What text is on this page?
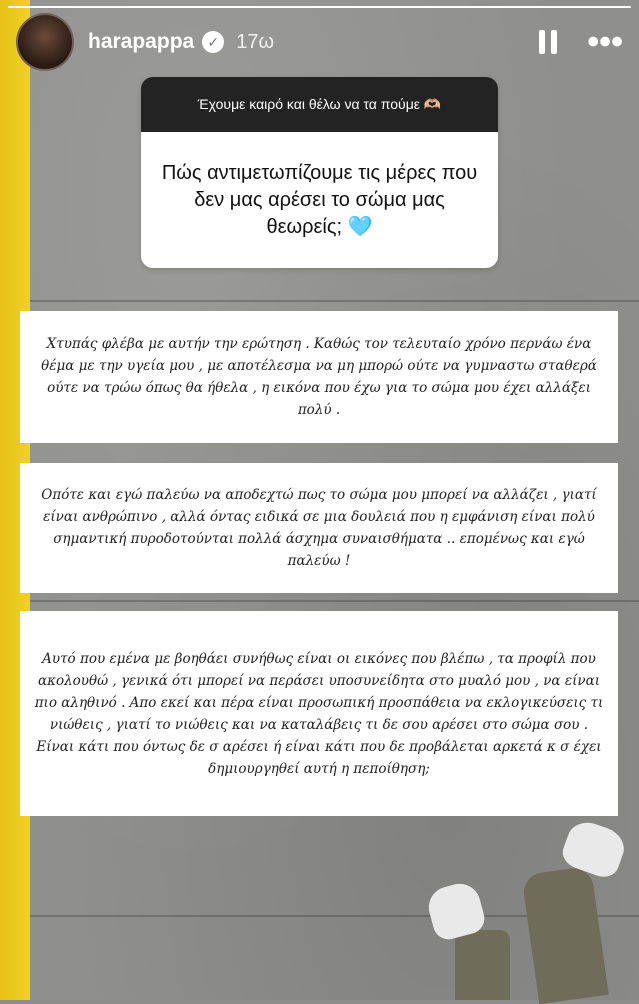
harapappa ✓ 17ω	•••
Έχουμε καιρό και θέλω να τα πούμε 🫶🏼
Πώς αντιμετωπίζουμε τις μέρες που δεν μας αρέσει το σώμα μας θεωρείς; 🩵
Χτυπάς φλέβα με αυτήν την ερώτηση . Καθώς τον τελευταίο χρόνο περνάω ένα θέμα με την υγεία μου , με αποτέλεσμα να μη μπορώ ούτε να γυμναστω σταθερά ούτε να τρώω όπως θα ήθελα , η εικόνα που έχω για το σώμα μου έχει αλλάξει πολύ .
Οπότε και εγώ παλεύω να αποδεχτώ πως το σώμα μου μπορεί να αλλάζει , γιατί είναι ανθρώπινο , αλλά όντας ειδικά σε μια δουλειά που η εμφάνιση είναι πολύ σημαντική πυροδοτούνται πολλά άσχημα συναισθήματα .. επομένως και εγώ παλεύω !
Αυτό που εμένα με βοηθάει συνήθως είναι οι εικόνες που βλέπω , τα προφίλ που ακολουθώ , γενικά ότι μπορεί να περάσει υποσυνείδητα στο μυαλό μου , να είναι πιο αληθινό . Απο εκεί και πέρα είναι προσωπική προσπάθεια να εκλογικεύσεις τι νιώθεις , γιατί το νιώθεις και να καταλάβεις τι δε σου αρέσει στο σώμα σου . Είναι κάτι που όντως δε σ αρέσει ή είναι κάτι που δε προβάλεται αρκετά κ σ έχει δημιουργηθεί αυτή η πεποίθηση;
